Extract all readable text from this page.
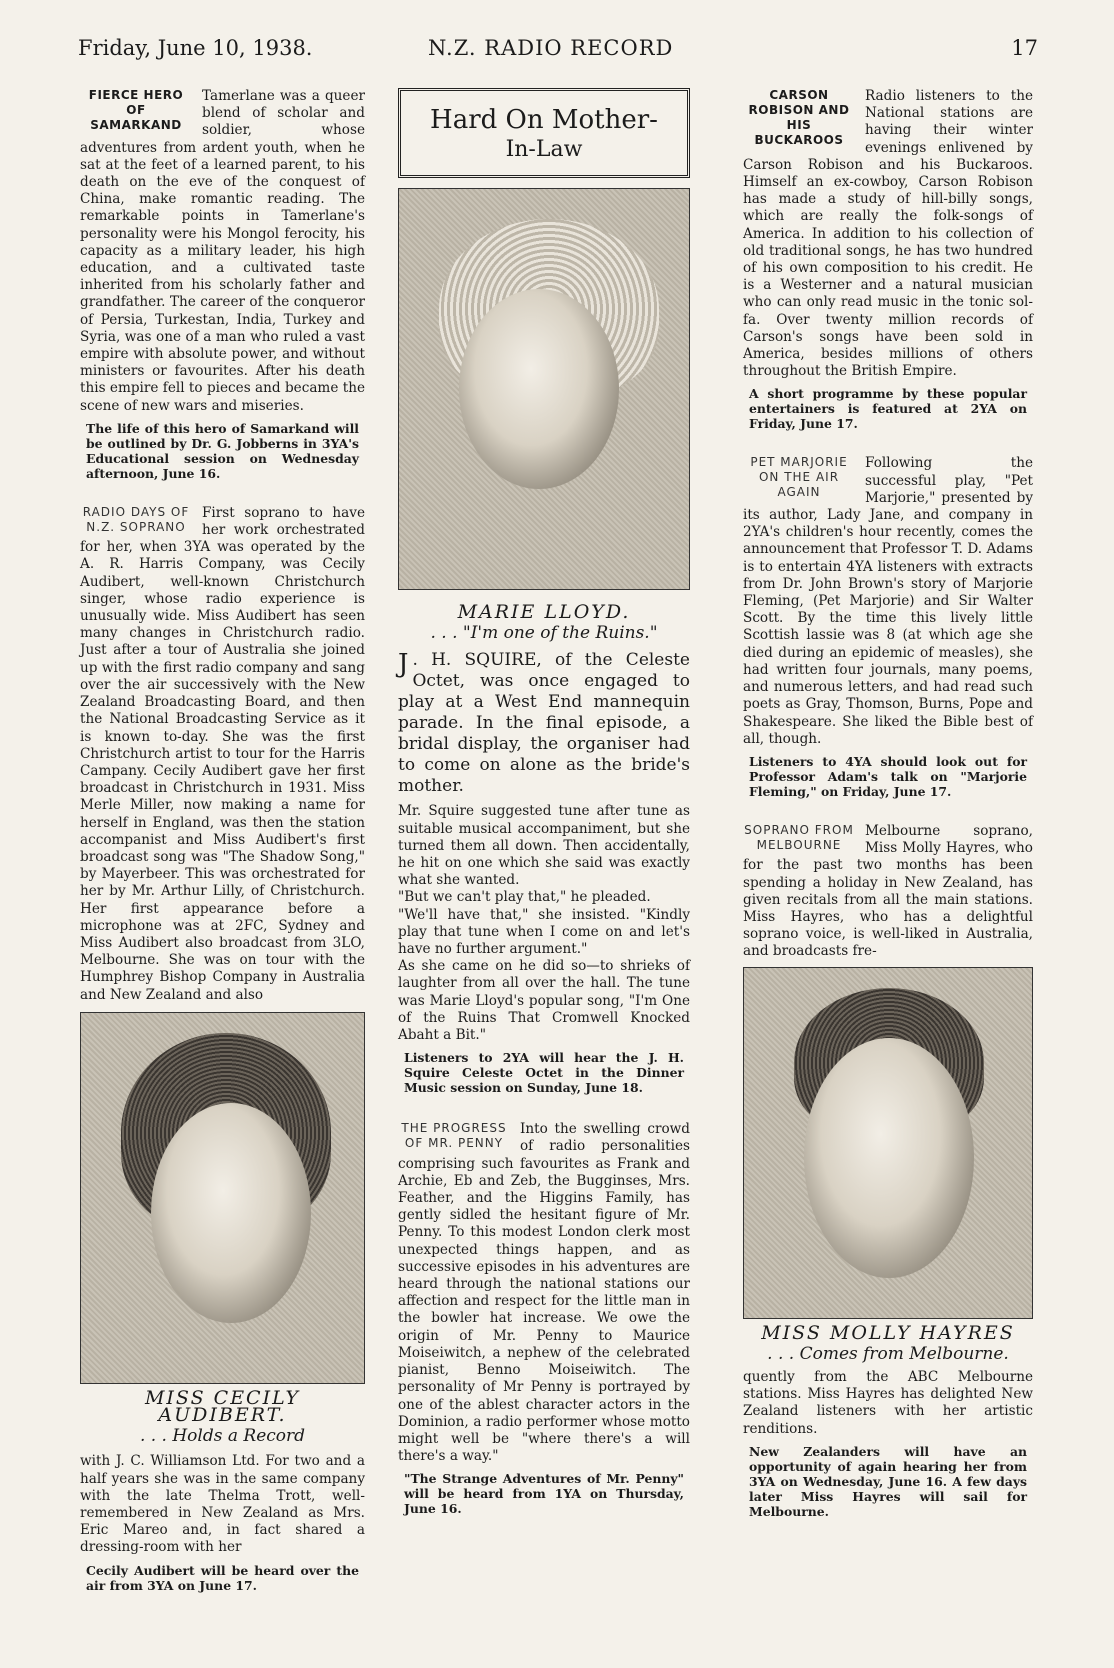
Friday, June 10, 1938.	N.Z. RADIO RECORD	17
FIERCE HERO OF SAMARKAND

Tamerlane was a queer blend of scholar and soldier, whose adventures from ardent youth, when he sat at the feet of a learned parent, to his death on the eve of the conquest of China, make romantic reading. The remarkable points in Tamerlane's personality were his Mongol ferocity, his capacity as a military leader, his high education, and a cultivated taste inherited from his scholarly father and grandfather. The career of the conqueror of Persia, Turkestan, India, Turkey and Syria, was one of a man who ruled a vast empire with absolute power, and without ministers or favourites. After his death this empire fell to pieces and became the scene of new wars and miseries.

The life of this hero of Samarkand will be outlined by Dr. G. Jobberns in 3YA's Educational session on Wednesday afternoon, June 16.

RADIO DAYS OF N.Z. SOPRANO

First soprano to have her work orchestrated for her, when 3YA was operated by the A. R. Harris Company, was Cecily Audibert, well-known Christchurch singer, whose radio experience is unusually wide. Miss Audibert has seen many changes in Christchurch radio. Just after a tour of Australia she joined up with the first radio company and sang over the air successively with the New Zealand Broadcasting Board, and then the National Broadcasting Service as it is known to-day. She was the first Christchurch artist to tour for the Harris Campany. Cecily Audibert gave her first broadcast in Christchurch in 1931. Miss Merle Miller, now making a name for herself in England, was then the station accompanist and Miss Audibert's first broadcast song was "The Shadow Song," by Mayerbeer. This was orchestrated for her by Mr. Arthur Lilly, of Christchurch. Her first appearance before a microphone was at 2FC, Sydney and Miss Audibert also broadcast from 3LO, Melbourne. She was on tour with the Humphrey Bishop Company in Australia and New Zealand and also

MISS CECILY AUDIBERT.
. . . Holds a Record

with J. C. Williamson Ltd. For two and a half years she was in the same company with the late Thelma Trott, well-remembered in New Zealand as Mrs. Eric Mareo and, in fact shared a dressing-room with her

Cecily Audibert will be heard over the air from 3YA on June 17.

Hard On Mother-
In-Law
MARIE LLOYD.
. . . "I'm one of the Ruins."
J . H. SQUIRE, of the Celeste Octet, was once engaged to play at a West End mannequin parade. In the final episode, a bridal display, the organiser had to come on alone as the bride's mother.

Mr. Squire suggested tune after tune as suitable musical accompaniment, but she turned them all down. Then accidentally, he hit on one which she said was exactly what she wanted.

"But we can't play that," he pleaded.

"We'll have that," she insisted. "Kindly play that tune when I come on and let's have no further argument."

As she came on he did so—to shrieks of laughter from all over the hall. The tune was Marie Lloyd's popular song, "I'm One of the Ruins That Cromwell Knocked Abaht a Bit."

Listeners to 2YA will hear the J. H. Squire Celeste Octet in the Dinner Music session on Sunday, June 18.

THE PROGRESS OF MR. PENNY

Into the swelling crowd of radio personalities comprising such favourites as Frank and Archie, Eb and Zeb, the Bugginses, Mrs. Feather, and the Higgins Family, has gently sidled the hesitant figure of Mr. Penny. To this modest London clerk most unexpected things happen, and as successive episodes in his adventures are heard through the national stations our affection and respect for the little man in the bowler hat increase. We owe the origin of Mr. Penny to Maurice Moiseiwitch, a nephew of the celebrated pianist, Benno Moiseiwitch. The personality of Mr Penny is portrayed by one of the ablest character actors in the Dominion, a radio performer whose motto might well be "where there's a will there's a way."

"The Strange Adventures of Mr. Penny" will be heard from 1YA on Thursday, June 16.

CARSON ROBISON AND HIS BUCKAROOS

Radio listeners to the National stations are having their winter evenings enlivened by Carson Robison and his Buckaroos. Himself an ex-cowboy, Carson Robison has made a study of hill-billy songs, which are really the folk-songs of America. In addition to his collection of old traditional songs, he has two hundred of his own composition to his credit. He is a Westerner and a natural musician who can only read music in the tonic sol-fa. Over twenty million records of Carson's songs have been sold in America, besides millions of others throughout the British Empire.

A short programme by these popular entertainers is featured at 2YA on Friday, June 17.

PET MARJORIE ON THE AIR AGAIN

Following the successful play, "Pet Marjorie," presented by its author, Lady Jane, and company in 2YA's children's hour recently, comes the announcement that Professor T. D. Adams is to entertain 4YA listeners with extracts from Dr. John Brown's story of Marjorie Fleming, (Pet Marjorie) and Sir Walter Scott. By the time this lively little Scottish lassie was 8 (at which age she died during an epidemic of measles), she had written four journals, many poems, and numerous letters, and had read such poets as Gray, Thomson, Burns, Pope and Shakespeare. She liked the Bible best of all, though.

Listeners to 4YA should look out for Professor Adam's talk on "Marjorie Fleming," on Friday, June 17.

SOPRANO FROM MELBOURNE

Melbourne soprano, Miss Molly Hayres, who for the past two months has been spending a holiday in New Zealand, has given recitals from all the main stations. Miss Hayres, who has a delightful soprano voice, is well-liked in Australia, and broadcasts fre-

MISS MOLLY HAYRES
. . . Comes from Melbourne.

quently from the ABC Melbourne stations. Miss Hayres has delighted New Zealand listeners with her artistic renditions.

New Zealanders will have an opportunity of again hearing her from 3YA on Wednesday, June 16. A few days later Miss Hayres will sail for Melbourne.
